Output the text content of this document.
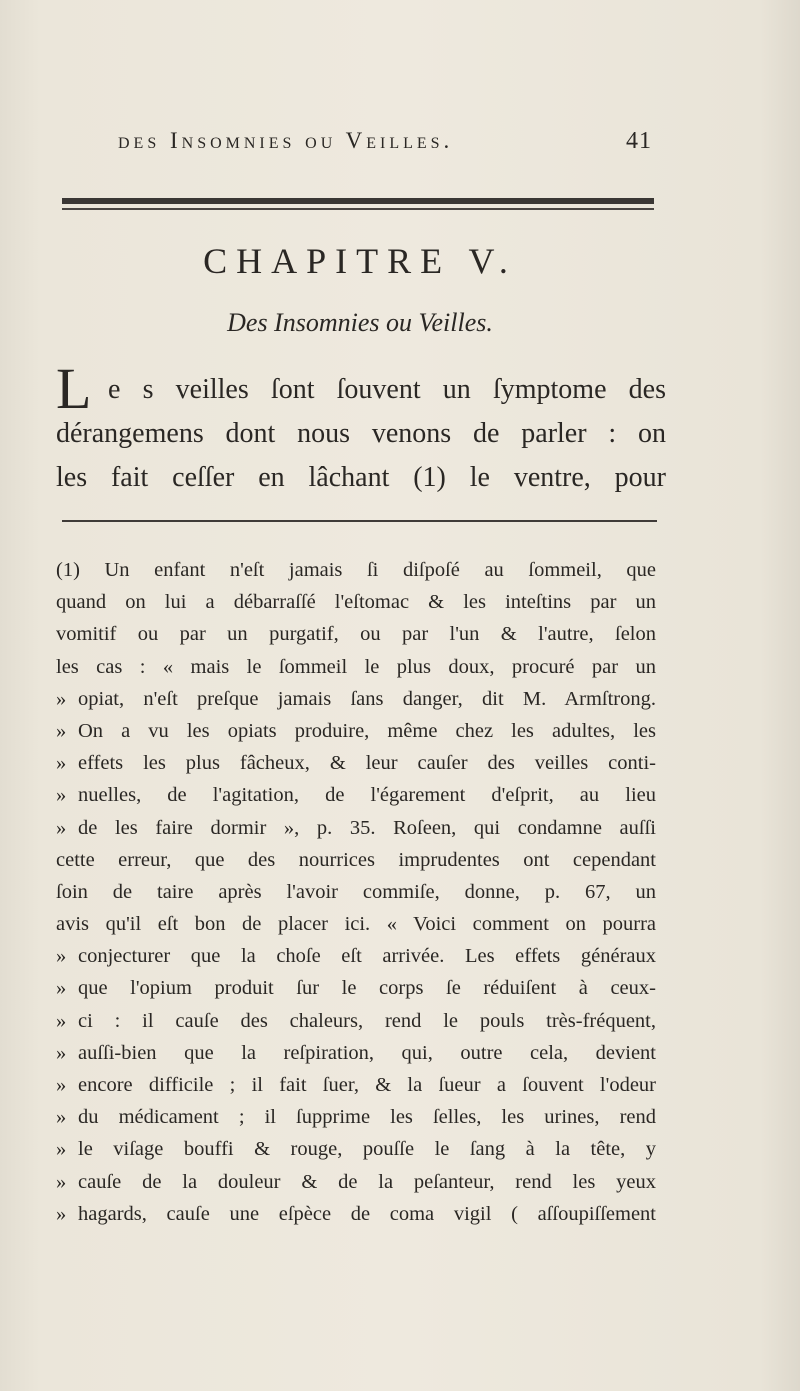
des Insomnies ou Veilles.	41
CHAPITRE V.
Des Insomnies ou Veilles.
L e s veilles ſont ſouvent un ſymptome des
dérangemens dont nous venons de parler : on
les fait ceſſer en lâchant (1) le ventre, pour
(1) Un enfant n'eſt jamais ſi diſpoſé au ſommeil, que
quand on lui a débarraſſé l'eſtomac & les inteſtins par un
vomitif ou par un purgatif, ou par l'un & l'autre, ſelon
les cas : « mais le ſommeil le plus doux, procuré par un
» opiat, n'eſt preſque jamais ſans danger, dit M. Armſtrong.
» On a vu les opiats produire, même chez les adultes, les
» effets les plus fâcheux, & leur cauſer des veilles conti-
» nuelles, de l'agitation, de l'égarement d'eſprit, au lieu
» de les faire dormir », p. 35. Roſeen, qui condamne auſſi
cette erreur, que des nourrices imprudentes ont cependant
ſoin de taire après l'avoir commiſe, donne, p. 67, un
avis qu'il eſt bon de placer ici. « Voici comment on pourra
» conjecturer que la choſe eſt arrivée. Les effets généraux
» que l'opium produit ſur le corps ſe réduiſent à ceux-
» ci : il cauſe des chaleurs, rend le pouls très-fréquent,
» auſſi-bien que la reſpiration, qui, outre cela, devient
» encore difficile ; il fait ſuer, & la ſueur a ſouvent l'odeur
» du médicament ; il ſupprime les ſelles, les urines, rend
» le viſage bouffi & rouge, pouſſe le ſang à la tête, y
» cauſe de la douleur & de la peſanteur, rend les yeux
» hagards, cauſe une eſpèce de coma vigil ( aſſoupiſſement
